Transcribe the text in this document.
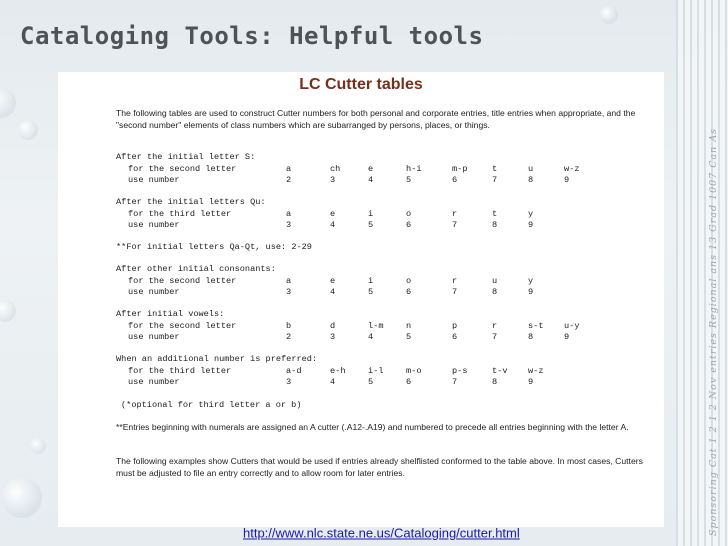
Sponsoring Cat 1 2 1 2 Nov entries Regional ans 13 Grad 1007 Can As
Cataloging Tools: Helpful tools
LC Cutter tables
The following tables are used to construct Cutter numbers for both personal and corporate entries, title entries when appropriate, and the "second number" elements of class numbers which are subarranged by persons, places, or things.
After the initial letter S:
for the second letter	a	ch	e	h-i	m-p	t	u	w-z
use number	2	3	4	5	6	7	8	9
After the initial letters Qu:
for the third letter	a	e	i	o	r	t	y
use number	3	4	5	6	7	8	9
**For initial letters Qa-Qt, use: 2-29
After other initial consonants:
for the second letter	a	e	i	o	r	u	y
use number	3	4	5	6	7	8	9
After initial vowels:
for the second letter	b	d	l-m	n	p	r	s-t	u-y
use number	2	3	4	5	6	7	8	9
When an additional number is preferred:
for the third letter	a-d	e-h	i-l	m-o	p-s	t-v	w-z
use number	3	4	5	6	7	8	9
(*optional for third letter a or b)
**Entries beginning with numerals are assigned an A cutter (.A12-.A19) and numbered to precede all entries beginning with the letter A.
The following examples show Cutters that would be used if entries already shelflisted conformed to the table above. In most cases, Cutters must be adjusted to file an entry correctly and to allow room for later entries.
http://www.nlc.state.ne.us/Cataloging/cutter.html
